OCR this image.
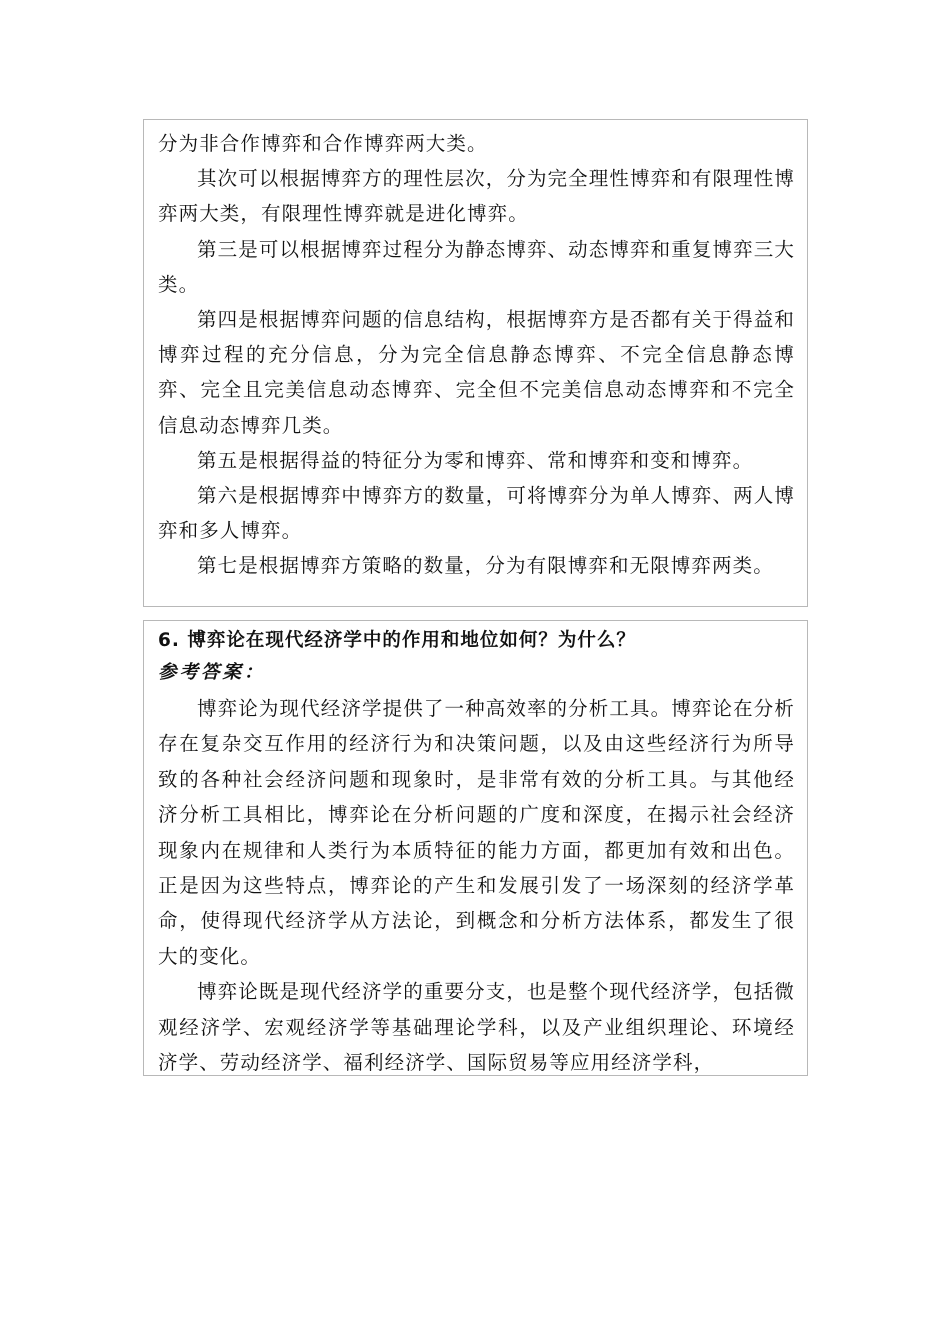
分为非合作博弈和合作博弈两大类。

其次可以根据博弈方的理性层次，分为完全理性博弈和有限理性博弈两大类，有限理性博弈就是进化博弈。

第三是可以根据博弈过程分为静态博弈、动态博弈和重复博弈三大类。

第四是根据博弈问题的信息结构，根据博弈方是否都有关于得益和博弈过程的充分信息，分为完全信息静态博弈、不完全信息静态博弈、完全且完美信息动态博弈、完全但不完美信息动态博弈和不完全信息动态博弈几类。

第五是根据得益的特征分为零和博弈、常和博弈和变和博弈。

第六是根据博弈中博弈方的数量，可将博弈分为单人博弈、两人博弈和多人博弈。

第七是根据博弈方策略的数量，分为有限博弈和无限博弈两类。

6. 博弈论在现代经济学中的作用和地位如何？为什么？

参考答案：

博弈论为现代经济学提供了一种高效率的分析工具。博弈论在分析存在复杂交互作用的经济行为和决策问题，以及由这些经济行为所导致的各种社会经济问题和现象时，是非常有效的分析工具。与其他经济分析工具相比，博弈论在分析问题的广度和深度，在揭示社会经济现象内在规律和人类行为本质特征的能力方面，都更加有效和出色。正是因为这些特点，博弈论的产生和发展引发了一场深刻的经济学革命，使得现代经济学从方法论，到概念和分析方法体系，都发生了很大的变化。

博弈论既是现代经济学的重要分支，也是整个现代经济学，包括微观经济学、宏观经济学等基础理论学科，以及产业组织理论、环境经济学、劳动经济学、福利经济学、国际贸易等应用经济学科，
